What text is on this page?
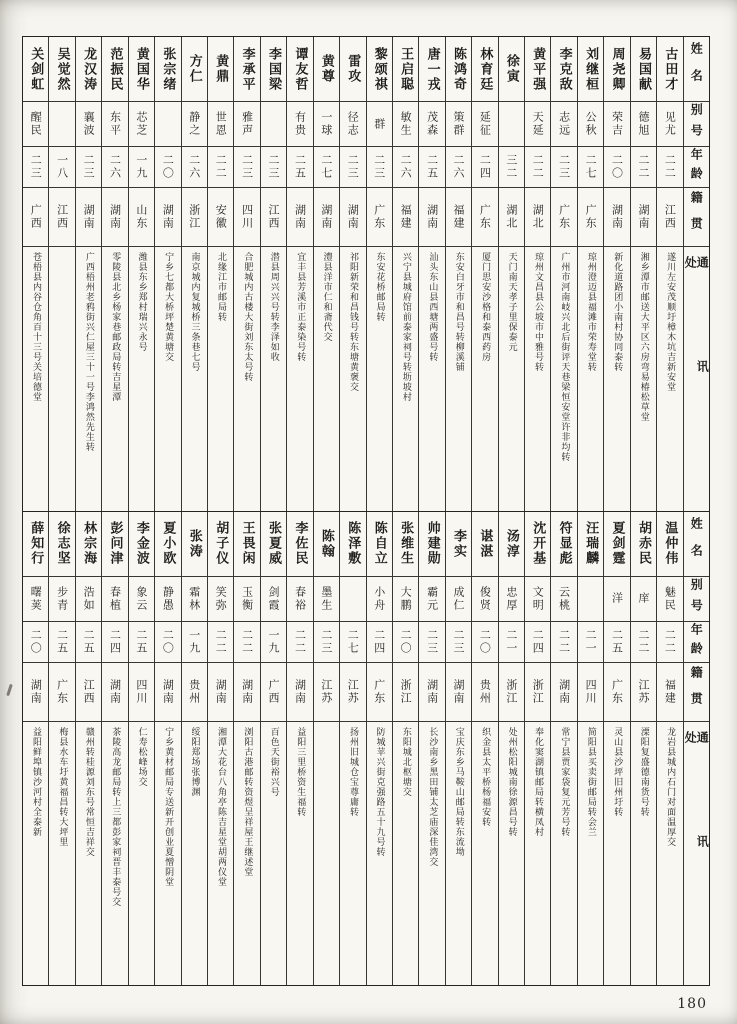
姓名
别号
年龄
籍贯
通讯处
古田才
见尤
二二
江西
遂川左安茂顺圩樟木坑吉新安堂
易国献
德旭
二二
湖南
湘乡潭市邮送大平区六房弯易椿松草堂
周尧卿
荣吉
二〇
湖南
新化道路团小南村协同泰转
刘继桓
公秋
二七
广东
琼州澄迈县福滩市荣寿堂转
李克敌
志远
二三
广东
广州市河南岐兴北后街评天巷梁恒安堂许非均转
黄平强
天延
二二
湖北
琼州文昌县公坡市中雅号转
徐寅
三二
湖北
天门南天孝子里保泰元
林育廷
延征
二四
广东
厦门思安沙格和泰西药房
陈鸿奇
策群
二六
福建
东安白牙市和昌号转柳溪铺
唐一戎
茂森
二五
湖南
汕头东山县西塘两盛号转
王启聪
敏生
二六
福建
兴宁县城府馆前泰家祠号转坜坡村
黎颂祺
群
二三
广东
东安花桥邮局转
雷攻
径志
二三
湖南
祁阳新荣和昌钱号转东塘黄褒交
黄尊
一球
二七
湖南
澧县洋市仁和斋代交
谭友哲
有贵
二五
湖南
宜丰县芳溪市正泰染号转
李国梁
二三
江西
潜县周兴兴号转李泽如收
李承平
雅声
二三
四川
合肥城内古楼大街刘东太号转
黄鼎
世恩
二二
安徽
北缘江市邮局转
方仁
静之
二六
浙江
南京城内复城桥三条巷七号
张宗绪
二〇
湖南
宁乡七都大桥坪楚黄塘交
黄国华
芯芝
一九
山东
潍县东乡郑村瑞兴永号
范振民
东平
二六
湖南
零陵县北乡杨家巷邮政局转吉星潭
龙汉涛
襄波
二三
湖南
广西梧州老鸦街兴仁屋三十一号李鸿然先生转
吴觉然
一八
江西
关剑虹
醒民
二三
广西
苍梧县内谷仓角百十三号关培德堂
姓名
别号
年龄
籍贯
通讯处
温仲伟
魅民
二二
福建
龙岩县城内石门对面温厚交
胡赤民
庠
二二
江苏
溧阳复盛德南货号转
夏剑霆
洋
二五
广东
灵山县沙坪旧州圩转
汪瑞麟
二一
四川
简阳县买卖街邮局转会兰
符显彪
云桃
二二
湖南
常宁县贾家袋复元芳号转
沈开基
文明
二四
浙江
奉化窦湖镇邮局转横凤村
汤淳
忠厚
二一
浙江
处州松阳城南徐源昌号转
谌湛
俊贤
二〇
贵州
织金县太平桥杨福安转
李实
成仁
二三
湖南
宝庆东乡马鞍山邮局转东流坳
帅建勋
霸元
二三
湖南
长沙南乡黑田铺太芝庙深佳湾交
张维生
大鹏
二〇
浙江
东阳城北枢塘交
陈自立
小舟
二四
广东
防城苹兴街克强路五十九号转
陈泽敷
二七
江苏
扬州旧城仓宝尊庸转
陈翰
墨生
二三
江苏
李佐民
春裕
二二
湖南
益阳三里桥资生福转
张夏威
剑霞
一九
广西
百色天街裕兴号
王畏闲
玉衡
二二
湖南
浏阳古港邮转资煜呈祥屋王继述堂
胡子仪
笑弥
二二
湖南
湘潭大花台八角亭陈吉星堂胡两仪堂
张涛
霜林
一九
贵州
绥阳郑场张博渊
夏小欧
静愚
二〇
湖南
宁乡黄材邮局专送新开创业夏憎阴堂
李金波
象云
二五
四川
仁寿松峰场交
彭问津
春植
二四
湖南
茶陵高龙邮局转上三都彭家祠晋丰泰号交
林宗海
浩如
二五
江西
赣州转桂源刘东号常恒吉祥交
徐志坚
步青
二五
广东
梅县水车圩黄福昌转大坪里
薛知行
曙荚
二〇
湖南
益阳鲜埠镇沙河村全泰新
180
